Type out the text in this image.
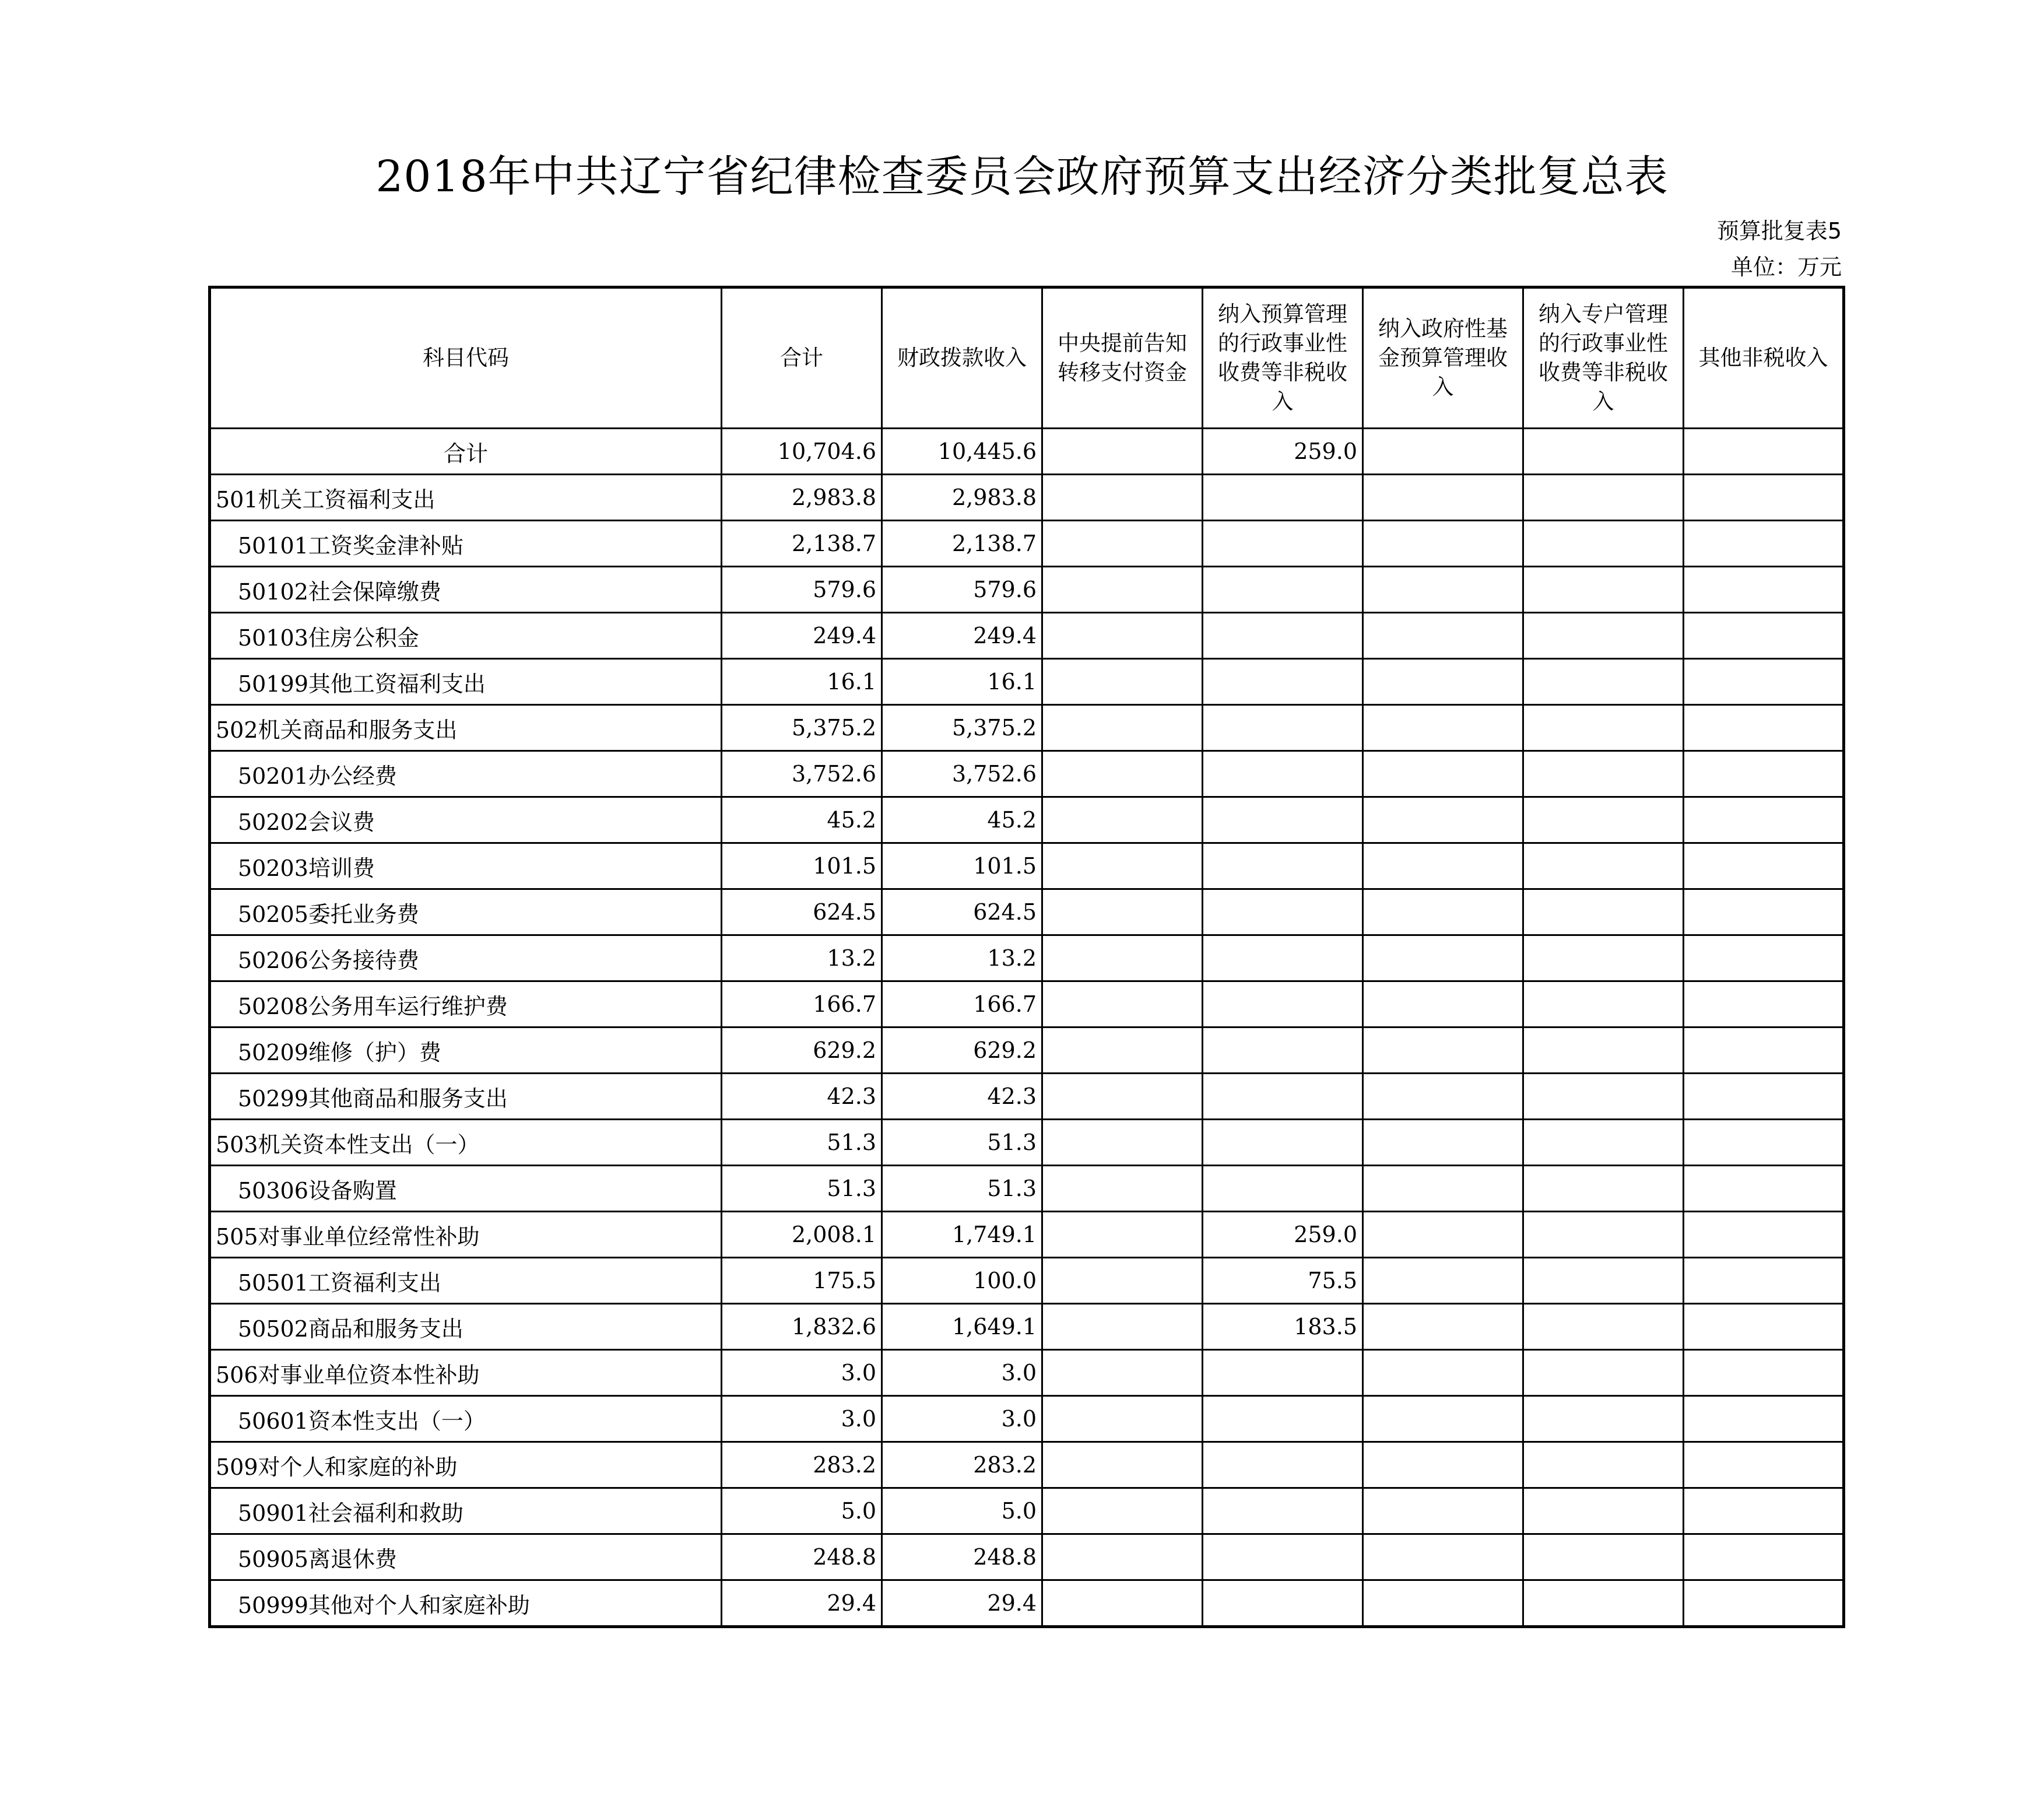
2018年中共辽宁省纪律检查委员会政府预算支出经济分类批复总表
预算批复表5
单位：万元
科目代码	合计	财政拨款收入	中央提前告知转移支付资金	纳入预算管理的行政事业性收费等非税收入	纳入政府性基金预算管理收入	纳入专户管理的行政事业性收费等非税收入	其他非税收入
合计	10,704.6	10,445.6		259.0			
501机关工资福利支出	2,983.8	2,983.8					
50101工资奖金津补贴	2,138.7	2,138.7					
50102社会保障缴费	579.6	579.6					
50103住房公积金	249.4	249.4					
50199其他工资福利支出	16.1	16.1					
502机关商品和服务支出	5,375.2	5,375.2					
50201办公经费	3,752.6	3,752.6					
50202会议费	45.2	45.2					
50203培训费	101.5	101.5					
50205委托业务费	624.5	624.5					
50206公务接待费	13.2	13.2					
50208公务用车运行维护费	166.7	166.7					
50209维修（护）费	629.2	629.2					
50299其他商品和服务支出	42.3	42.3					
503机关资本性支出（一）	51.3	51.3					
50306设备购置	51.3	51.3					
505对事业单位经常性补助	2,008.1	1,749.1		259.0			
50501工资福利支出	175.5	100.0		75.5			
50502商品和服务支出	1,832.6	1,649.1		183.5			
506对事业单位资本性补助	3.0	3.0					
50601资本性支出（一）	3.0	3.0					
509对个人和家庭的补助	283.2	283.2					
50901社会福利和救助	5.0	5.0					
50905离退休费	248.8	248.8					
50999其他对个人和家庭补助	29.4	29.4					
